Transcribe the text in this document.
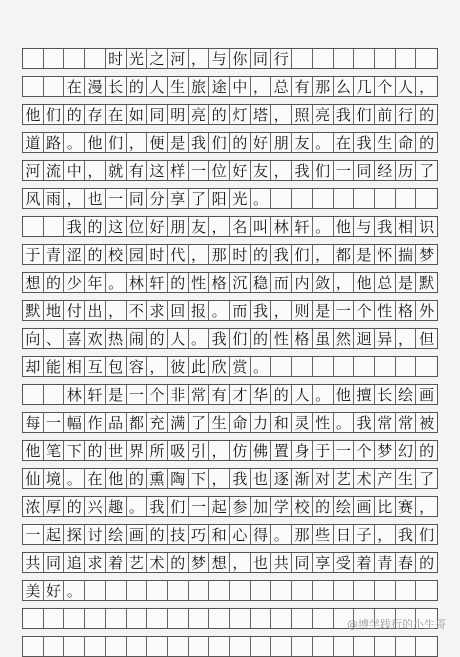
时 光 之 河 ， 与 你 同 行
在 漫 长 的 人 生 旅 途 中 ， 总 有 那 么 几 个 人 ，
他 们 的 存 在 如 同 明 亮 的 灯 塔 ， 照 亮 我 们 前 行 的
道 路 。 他 们 ， 便 是 我 们 的 好 朋 友 。 在 我 生 命 的
河 流 中 ， 就 有 这 样 一 位 好 友 ， 我 们 一 同 经 历 了
风 雨 ， 也 一 同 分 享 了 阳 光 。
我 的 这 位 好 朋 友 ， 名 叫 林 轩 。 他 与 我 相 识
于 青 涩 的 校 园 时 代 ， 那 时 的 我 们 ， 都 是 怀 揣 梦
想 的 少 年 。 林 轩 的 性 格 沉 稳 而 内 敛 ， 他 总 是 默
默 地 付 出 ， 不 求 回 报 。 而 我 ， 则 是 一 个 性 格 外
向 、 喜 欢 热 闹 的 人 。 我 们 的 性 格 虽 然 迥 异 ， 但
却 能 相 互 包 容 ， 彼 此 欣 赏 。
林 轩 是 一 个 非 常 有 才 华 的 人 。 他 擅 长 绘 画
每 一 幅 作 品 都 充 满 了 生 命 力 和 灵 性 。 我 常 常 被
他 笔 下 的 世 界 所 吸 引 ， 仿 佛 置 身 于 一 个 梦 幻 的
仙 境 。 在 他 的 熏 陶 下 ， 我 也 逐 渐 对 艺 术 产 生 了
浓 厚 的 兴 趣 。 我 们 一 起 参 加 学 校 的 绘 画 比 赛 ，
一 起 探 讨 绘 画 的 技 巧 和 心 得 。 那 些 日 子 ， 我 们
共 同 追 求 着 艺 术 的 梦 想 ， 也 共 同 享 受 着 青 春 的
美 好 。
@博学践行的小生哥
